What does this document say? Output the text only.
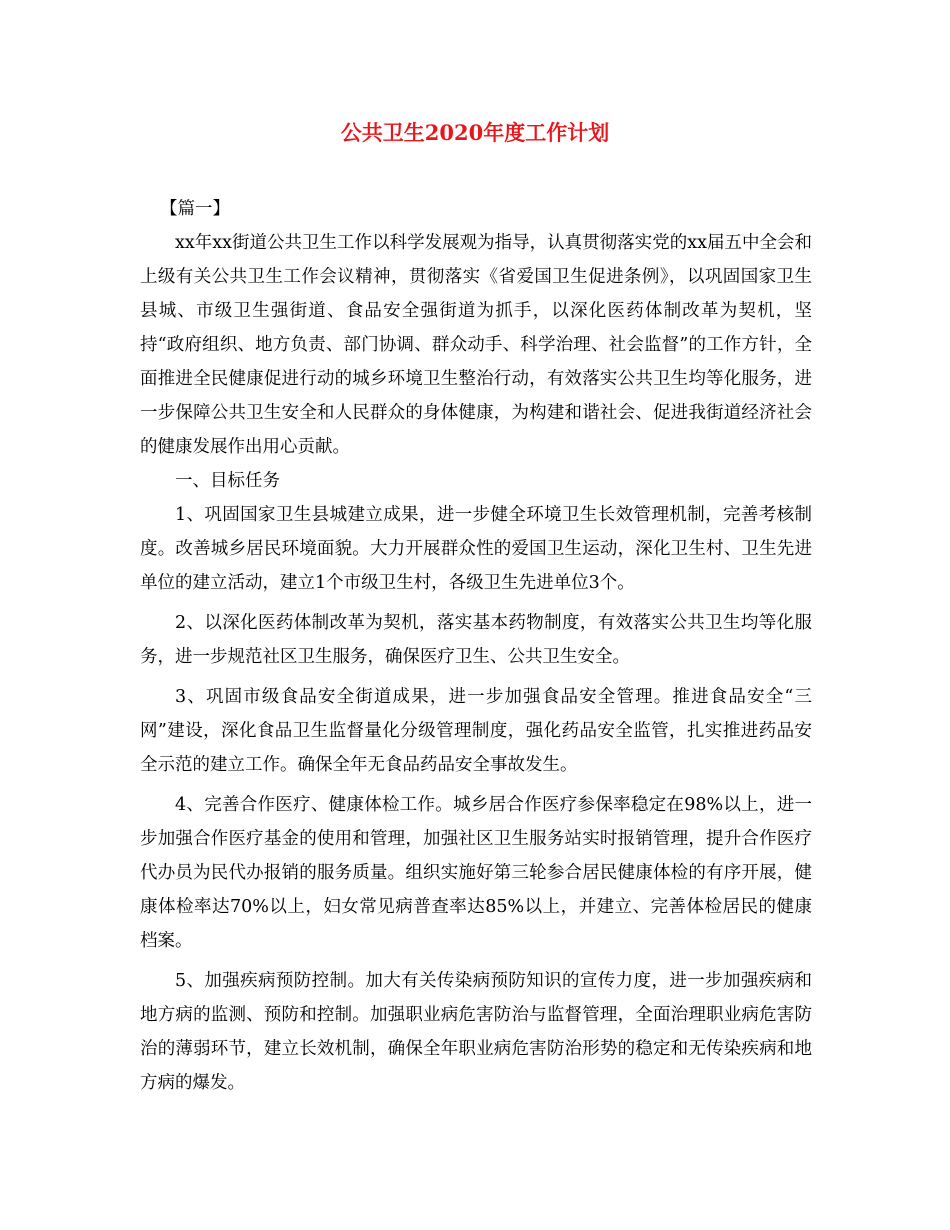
公共卫生2020年度工作计划

【篇一】

xx年xx街道公共卫生工作以科学发展观为指导，认真贯彻落实党的xx届五中全会和上级有关公共卫生工作会议精神，贯彻落实《省爱国卫生促进条例》，以巩固国家卫生县城、市级卫生强街道、食品安全强街道为抓手，以深化医药体制改革为契机，坚持“政府组织、地方负责、部门协调、群众动手、科学治理、社会监督”的工作方针，全面推进全民健康促进行动的城乡环境卫生整治行动，有效落实公共卫生均等化服务，进一步保障公共卫生安全和人民群众的身体健康，为构建和谐社会、促进我街道经济社会的健康发展作出用心贡献。

一、目标任务

1、巩固国家卫生县城建立成果，进一步健全环境卫生长效管理机制，完善考核制度。改善城乡居民环境面貌。大力开展群众性的爱国卫生运动，深化卫生村、卫生先进单位的建立活动，建立1个市级卫生村，各级卫生先进单位3个。

2、以深化医药体制改革为契机，落实基本药物制度，有效落实公共卫生均等化服务，进一步规范社区卫生服务，确保医疗卫生、公共卫生安全。

3、巩固市级食品安全街道成果，进一步加强食品安全管理。推进食品安全“三网”建设，深化食品卫生监督量化分级管理制度，强化药品安全监管，扎实推进药品安全示范的建立工作。确保全年无食品药品安全事故发生。

4、完善合作医疗、健康体检工作。城乡居合作医疗参保率稳定在98%以上，进一步加强合作医疗基金的使用和管理，加强社区卫生服务站实时报销管理，提升合作医疗代办员为民代办报销的服务质量。组织实施好第三轮参合居民健康体检的有序开展，健康体检率达70%以上，妇女常见病普查率达85%以上，并建立、完善体检居民的健康档案。

5、加强疾病预防控制。加大有关传染病预防知识的宣传力度，进一步加强疾病和地方病的监测、预防和控制。加强职业病危害防治与监督管理，全面治理职业病危害防治的薄弱环节，建立长效机制，确保全年职业病危害防治形势的稳定和无传染疾病和地方病的爆发。
